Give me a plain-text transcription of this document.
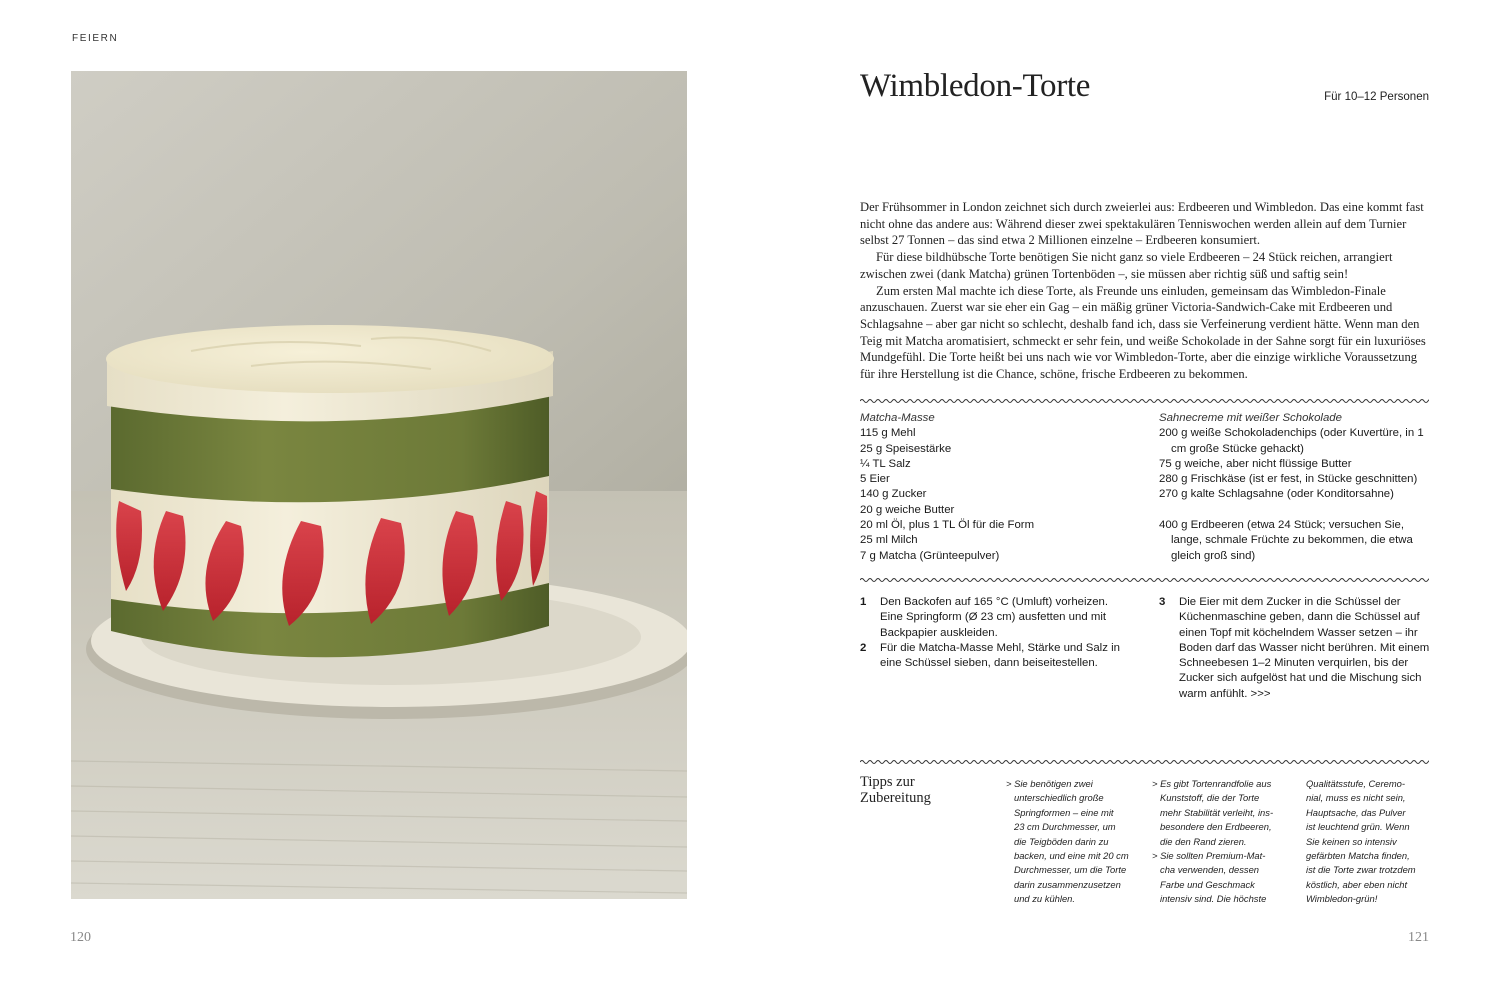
FEIERN
120	121
Wimbledon-Torte	Für 10–12 Personen

Der Frühsommer in London zeichnet sich durch zweierlei aus: Erdbeeren und Wimbledon. Das eine kommt fast nicht ohne das andere aus: Während dieser zwei spektakulären Tenniswochen werden allein auf dem Turnier selbst 27 Tonnen – das sind etwa 2 Millionen einzelne – Erdbeeren konsumiert.

Für diese bildhübsche Torte benötigen Sie nicht ganz so viele Erdbeeren – 24 Stück reichen, arrangiert zwischen zwei (dank Matcha) grünen Tortenböden –, sie müssen aber richtig süß und saftig sein!

Zum ersten Mal machte ich diese Torte, als Freunde uns einluden, gemeinsam das Wimbledon-Finale anzuschauen. Zuerst war sie eher ein Gag – ein mäßig grüner Victoria-Sandwich-Cake mit Erdbeeren und Schlagsahne – aber gar nicht so schlecht, deshalb fand ich, dass sie Verfeinerung verdient hätte. Wenn man den Teig mit Matcha aromatisiert, schmeckt er sehr fein, und weiße Schokolade in der Sahne sorgt für ein luxuriöses Mundgefühl. Die Torte heißt bei uns nach wie vor Wimbledon-Torte, aber die einzige wirkliche Voraussetzung für ihre Herstellung ist die Chance, schöne, frische Erdbeeren zu bekommen.

Matcha-Masse
115 g Mehl
25 g Speisestärke
¼ TL Salz
5 Eier
140 g Zucker
20 g weiche Butter
20 ml Öl, plus 1 TL Öl für die Form
25 ml Milch
7 g Matcha (Grünteepulver)
Sahnecreme mit weißer Schokolade
200 g weiße Schokoladenchips (oder Kuvertüre, in 1 cm große Stücke gehackt)
75 g weiche, aber nicht flüssige Butter
280 g Frischkäse (ist er fest, in Stücke geschnitten)
270 g kalte Schlagsahne (oder Konditorsahne)
400 g Erdbeeren (etwa 24 Stück; versuchen Sie, lange, schmale Früchte zu bekommen, die etwa gleich groß sind)
1	Den Backofen auf 165 °C (Umluft) vorheizen. Eine Springform (Ø 23 cm) ausfetten und mit Backpapier auskleiden.
2	Für die Matcha-Masse Mehl, Stärke und Salz in eine Schüssel sieben, dann beiseitestellen.
3	Die Eier mit dem Zucker in die Schüssel der Küchenmaschine geben, dann die Schüssel auf einen Topf mit köchelndem Wasser setzen – ihr Boden darf das Wasser nicht berühren. Mit einem Schneebesen 1–2 Minuten verquirlen, bis der Zucker sich aufgelöst hat und die Mischung sich warm anfühlt. >>>
Tipps zur
Zubereitung
> Sie benötigen zwei
unterschiedlich große
Springformen – eine mit
23 cm Durchmesser, um
die Teigböden darin zu
backen, und eine mit 20 cm
Durchmesser, um die Torte
darin zusammenzusetzen
und zu kühlen.
> Es gibt Tortenrandfolie aus
Kunststoff, die der Torte
mehr Stabilität verleiht, ins-
besondere den Erdbeeren,
die den Rand zieren.
> Sie sollten Premium-Mat-
cha verwenden, dessen
Farbe und Geschmack
intensiv sind. Die höchste
Qualitätsstufe, Ceremo-
nial, muss es nicht sein,
Hauptsache, das Pulver
ist leuchtend grün. Wenn
Sie keinen so intensiv
gefärbten Matcha finden,
ist die Torte zwar trotzdem
köstlich, aber eben nicht
Wimbledon-grün!
